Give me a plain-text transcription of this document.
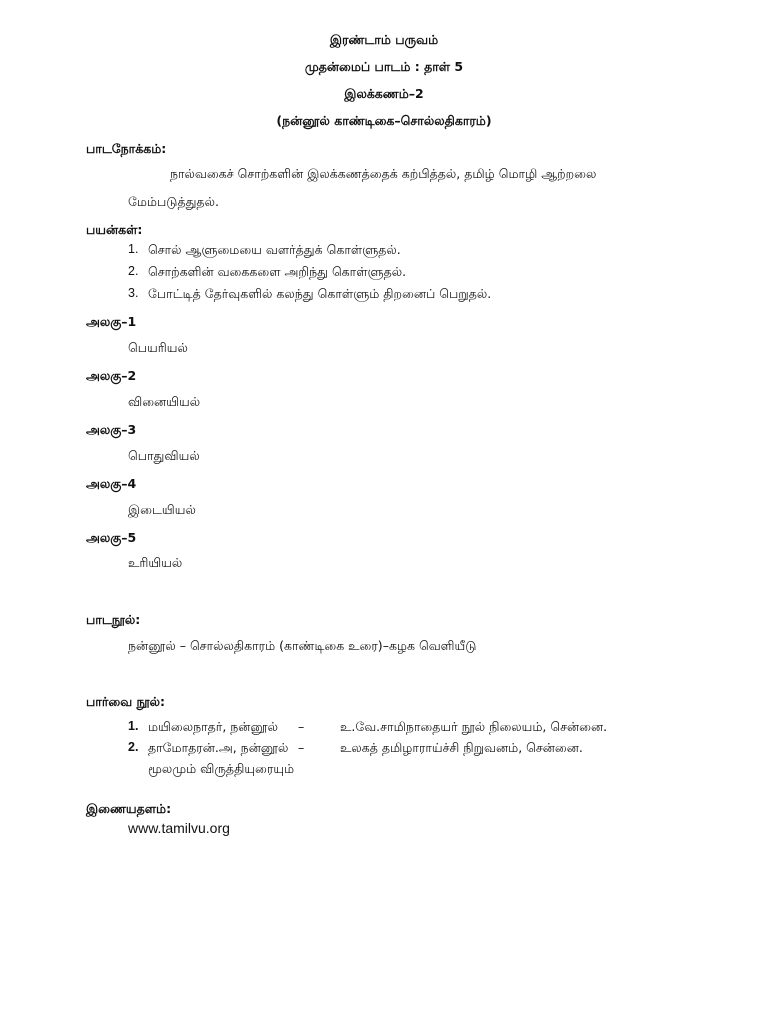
இரண்டாம் பருவம்
முதன்மைப் பாடம் : தாள் 5
இலக்கணம்–2
(நன்னூல் காண்டிகை–சொல்லதிகாரம்)
பாடநோக்கம்:
நால்வகைச் சொற்களின் இலக்கணத்தைக் கற்பித்தல், தமிழ் மொழி ஆற்றலை
மேம்படுத்துதல்.
பயன்கள்:
1. சொல் ஆளுமையை வளர்த்துக் கொள்ளுதல்.
2. சொற்களின் வகைகளை அறிந்து கொள்ளுதல்.
3. போட்டித் தேர்வுகளில் கலந்து கொள்ளும் திறனைப் பெறுதல்.
அலகு–1
பெயரியல்
அலகு–2
வினையியல்
அலகு–3
பொதுவியல்
அலகு–4
இடையியல்
அலகு–5
உரியியல்
பாடநூல்:
நன்னூல் – சொல்லதிகாரம் (காண்டிகை உரை)–கழக வெளியீடு
பார்வை நூல்:
1. மயிலைநாதர், நன்னூல் –	உ.வே.சாமிநாதையர் நூல் நிலையம், சென்னை.
2. தாமோதரன்.அ, நன்னூல் –	உலகத் தமிழாராய்ச்சி நிறுவனம், சென்னை.
மூலமும் விருத்தியுரையும்
இணையதளம்:
www.tamilvu.org
